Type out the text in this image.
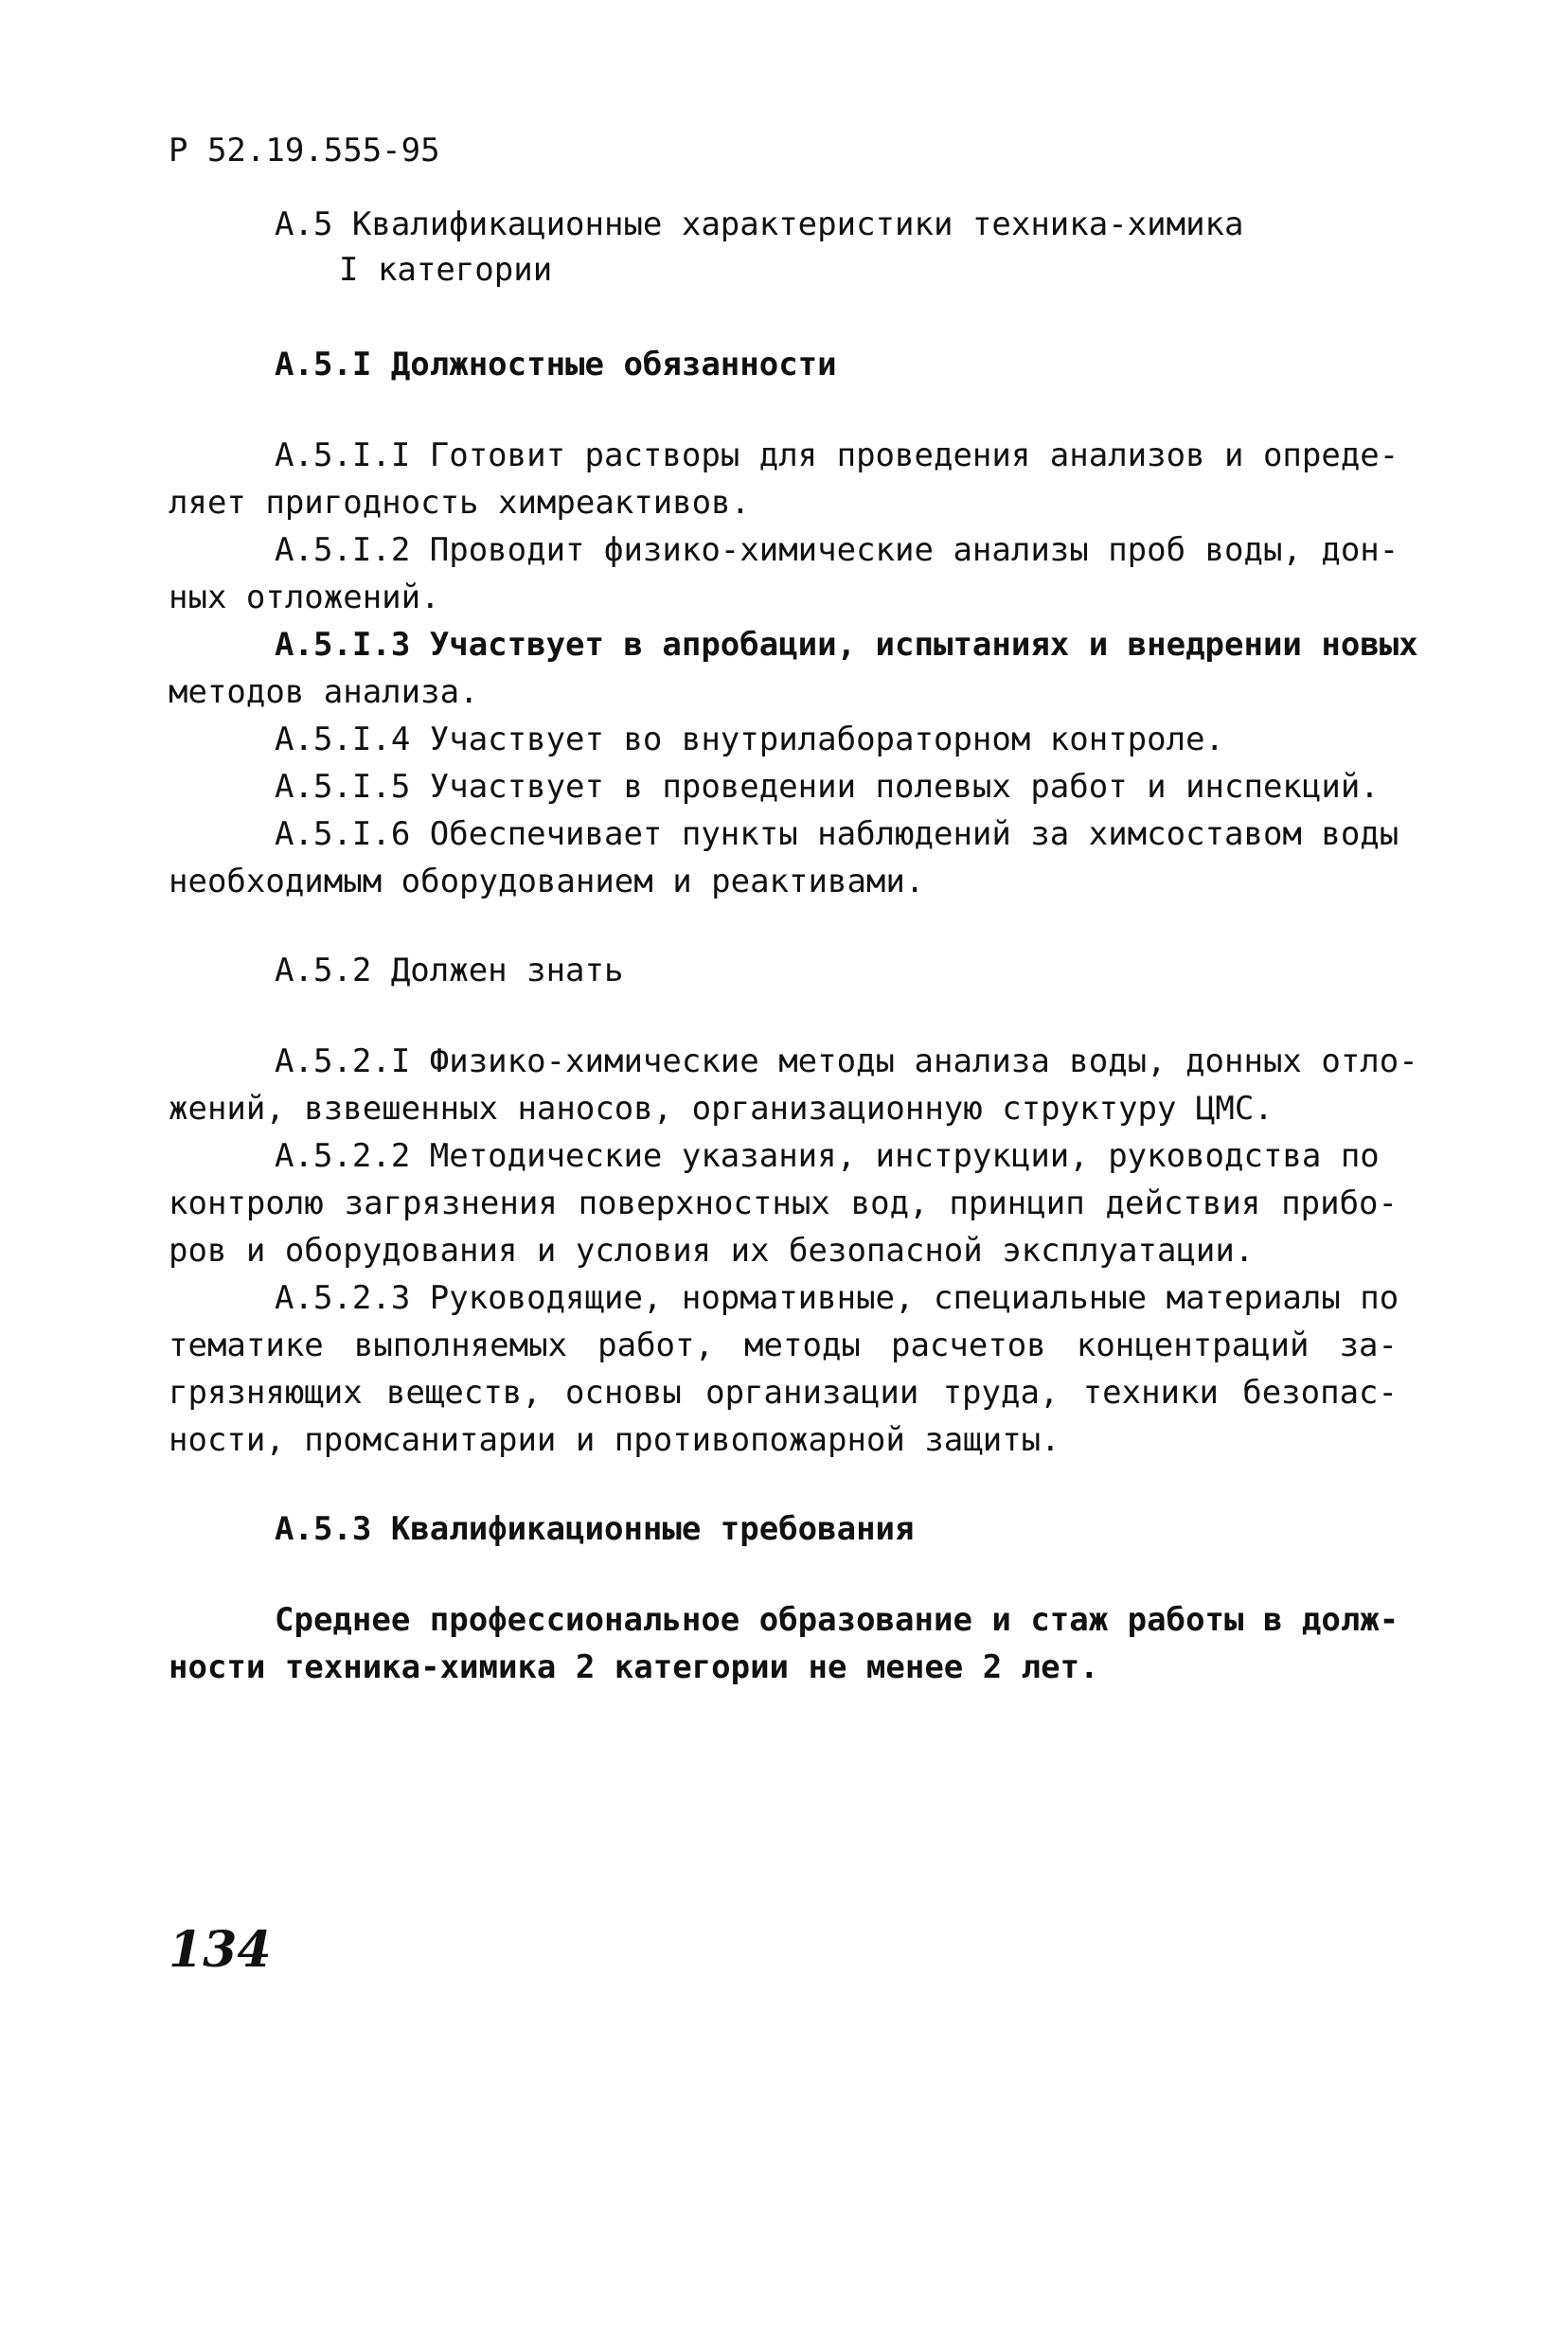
Р 52.19.555-95
А.5 Квалификационные характеристики техника-химика
I категории
А.5.I Должностные обязанности
А.5.I.I Готовит растворы для проведения анализов и опреде-
ляет пригодность химреактивов.
А.5.I.2 Проводит физико-химические анализы проб воды, дон-
ных отложений.
А.5.I.3 Участвует в апробации, испытаниях и внедрении новых
методов анализа.
А.5.I.4 Участвует во внутрилабораторном контроле.
А.5.I.5 Участвует в проведении полевых работ и инспекций.
А.5.I.6 Обеспечивает пункты наблюдений за химсоставом воды
необходимым оборудованием и реактивами.
А.5.2 Должен знать
А.5.2.I Физико-химические методы анализа воды, донных отло-
жений, взвешенных наносов, организационную структуру ЦМС.
А.5.2.2 Методические указания, инструкции, руководства по
контролю загрязнения поверхностных вод, принцип действия прибо-
ров и оборудования и условия их безопасной эксплуатации.
А.5.2.3 Руководящие, нормативные, специальные материалы по
тематике выполняемых работ, методы расчетов концентраций за-
грязняющих веществ, основы организации труда, техники безопас-
ности, промсанитарии и противопожарной защиты.
А.5.3 Квалификационные требования
Среднее профессиональное образование и стаж работы в долж-
ности техника-химика 2 категории не менее 2 лет.
134
